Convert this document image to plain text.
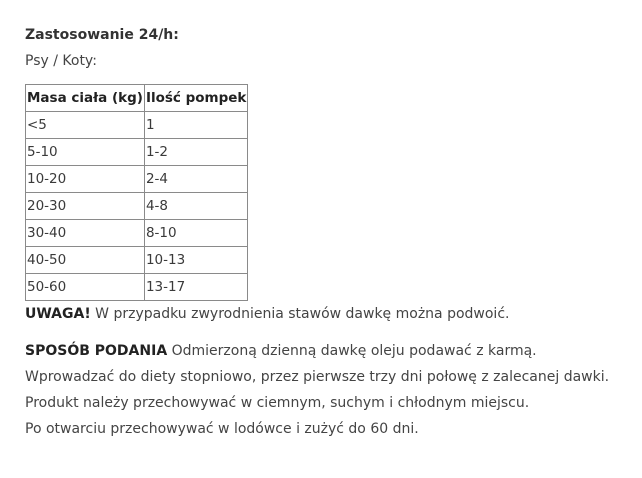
Zastosowanie 24/h:
Psy / Koty:
Masa ciała (kg)	Ilość pompek
<5	1
5-10	1-2
10-20	2-4
20-30	4-8
30-40	8-10
40-50	10-13
50-60	13-17
UWAGA! W przypadku zwyrodnienia stawów dawkę można podwoić.
SPOSÓB PODANIA Odmierzoną dzienną dawkę oleju podawać z karmą.
Wprowadzać do diety stopniowo, przez pierwsze trzy dni połowę z zalecanej dawki.
Produkt należy przechowywać w ciemnym, suchym i chłodnym miejscu.
Po otwarciu przechowywać w lodówce i zużyć do 60 dni.
